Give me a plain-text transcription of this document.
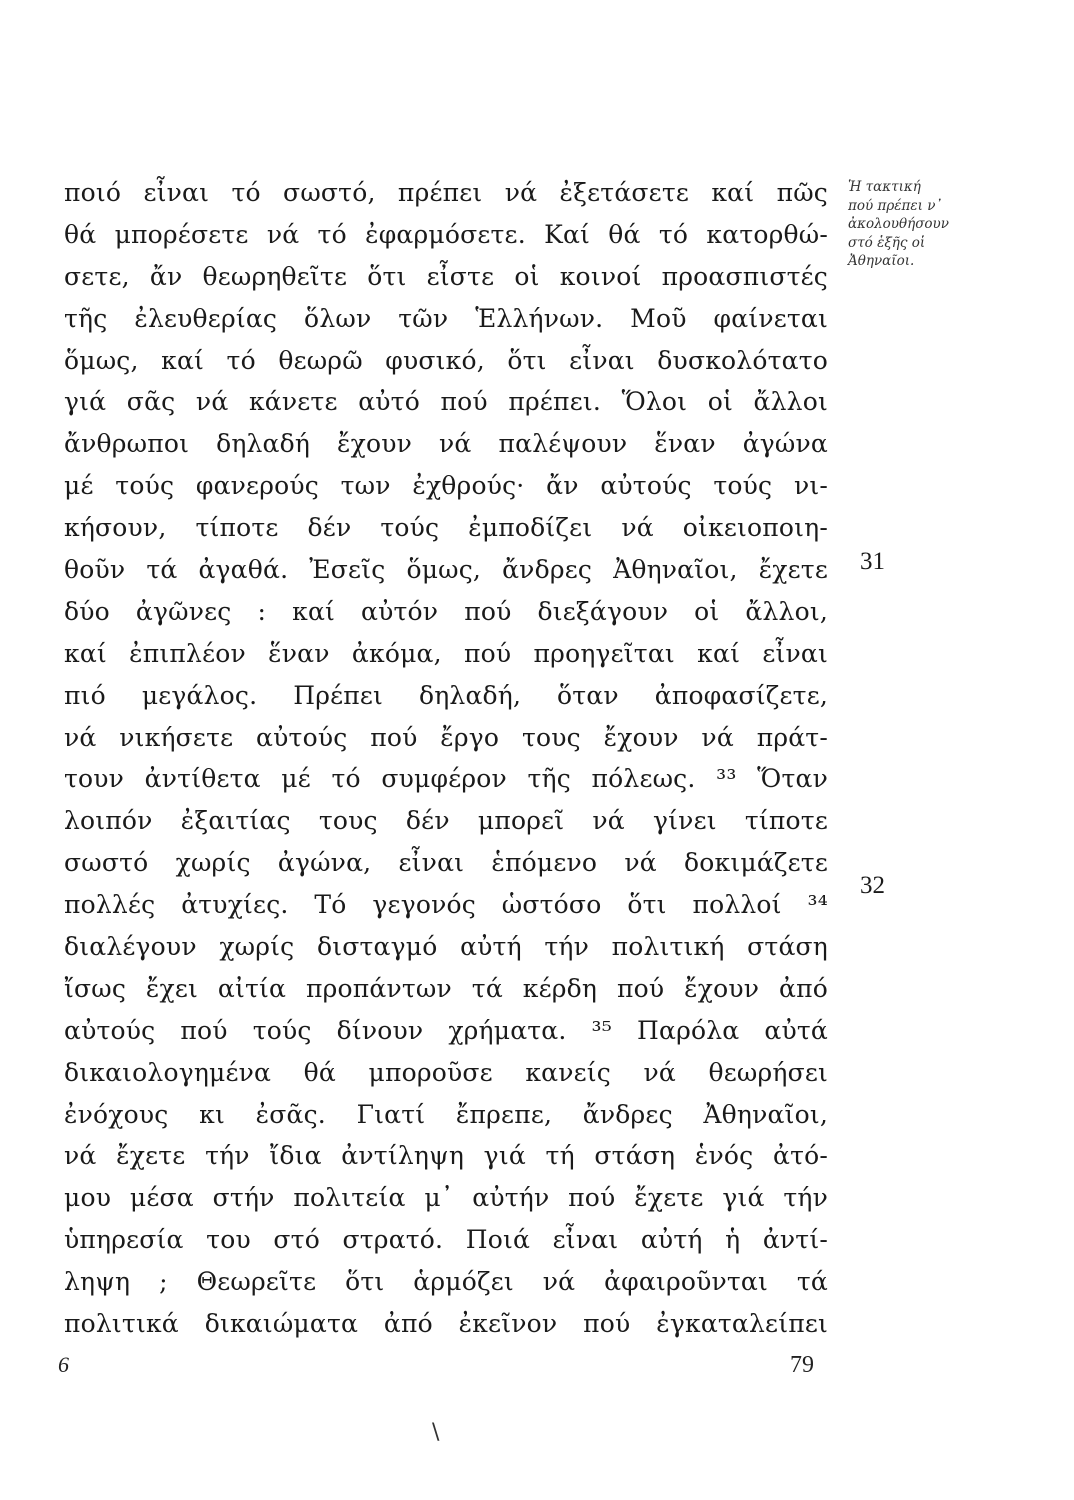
ποιό εἶναι τό σωστό, πρέπει νά ἐξετάσετε καί πῶς
θά μπορέσετε νά τό ἐφαρμόσετε. Καί θά τό κατορθώ-
σετε, ἄν θεωρηθεῖτε ὅτι εἶστε οἱ κοινοί προασπιστές
τῆς ἐλευθερίας ὅλων τῶν Ἑλλήνων. Μοῦ φαίνεται
ὅμως, καί τό θεωρῶ φυσικό, ὅτι εἶναι δυσκολότατο
γιά σᾶς νά κάνετε αὐτό πού πρέπει. Ὅλοι οἱ ἄλλοι
ἄνθρωποι δηλαδή ἔχουν νά παλέψουν ἕναν ἀγώνα
μέ τούς φανερούς των ἐχθρούς· ἄν αὐτούς τούς νι-
κήσουν, τίποτε δέν τούς ἐμποδίζει νά οἰκειοποιη-
θοῦν τά ἀγαθά. Ἐσεῖς ὅμως, ἄνδρες Ἀθηναῖοι, ἔχετε
δύο ἀγῶνες : καί αὐτόν πού διεξάγουν οἱ ἄλλοι,
καί ἐπιπλέον ἕναν ἀκόμα, πού προηγεῖται καί εἶναι
πιό μεγάλος. Πρέπει δηλαδή, ὅταν ἀποφασίζετε,
νά νικήσετε αὐτούς πού ἔργο τους ἔχουν νά πράτ-
τουν ἀντίθετα μέ τό συμφέρον τῆς πόλεως. ³³ Ὅταν
λοιπόν ἐξαιτίας τους δέν μπορεῖ νά γίνει τίποτε
σωστό χωρίς ἀγώνα, εἶναι ἑπόμενο νά δοκιμάζετε
πολλές ἀτυχίες. Τό γεγονός ὡστόσο ὅτι πολλοί ³⁴
διαλέγουν χωρίς δισταγμό αὐτή τήν πολιτική στάση
ἴσως ἔχει αἰτία προπάντων τά κέρδη πού ἔχουν ἀπό
αὐτούς πού τούς δίνουν χρήματα. ³⁵ Παρόλα αὐτά
δικαιολογημένα θά μποροῦσε κανείς νά θεωρήσει
ἐνόχους κι ἐσᾶς. Γιατί ἔπρεπε, ἄνδρες Ἀθηναῖοι,
νά ἔχετε τήν ἴδια ἀντίληψη γιά τή στάση ἑνός ἀτό-
μου μέσα στήν πολιτεία μ᾿ αὐτήν πού ἔχετε γιά τήν
ὑπηρεσία του στό στρατό. Ποιά εἶναι αὐτή ἡ ἀντί-
ληψη ; Θεωρεῖτε ὅτι ἁρμόζει νά ἀφαιροῦνται τά
πολιτικά δικαιώματα ἀπό ἐκεῖνον πού ἐγκαταλείπει
Ἡ τακτική
πού πρέπει ν᾿
ἀκολουθήσουν
στό ἑξῆς οἱ
Ἀθηναῖοι.
31
32
6	79
\
